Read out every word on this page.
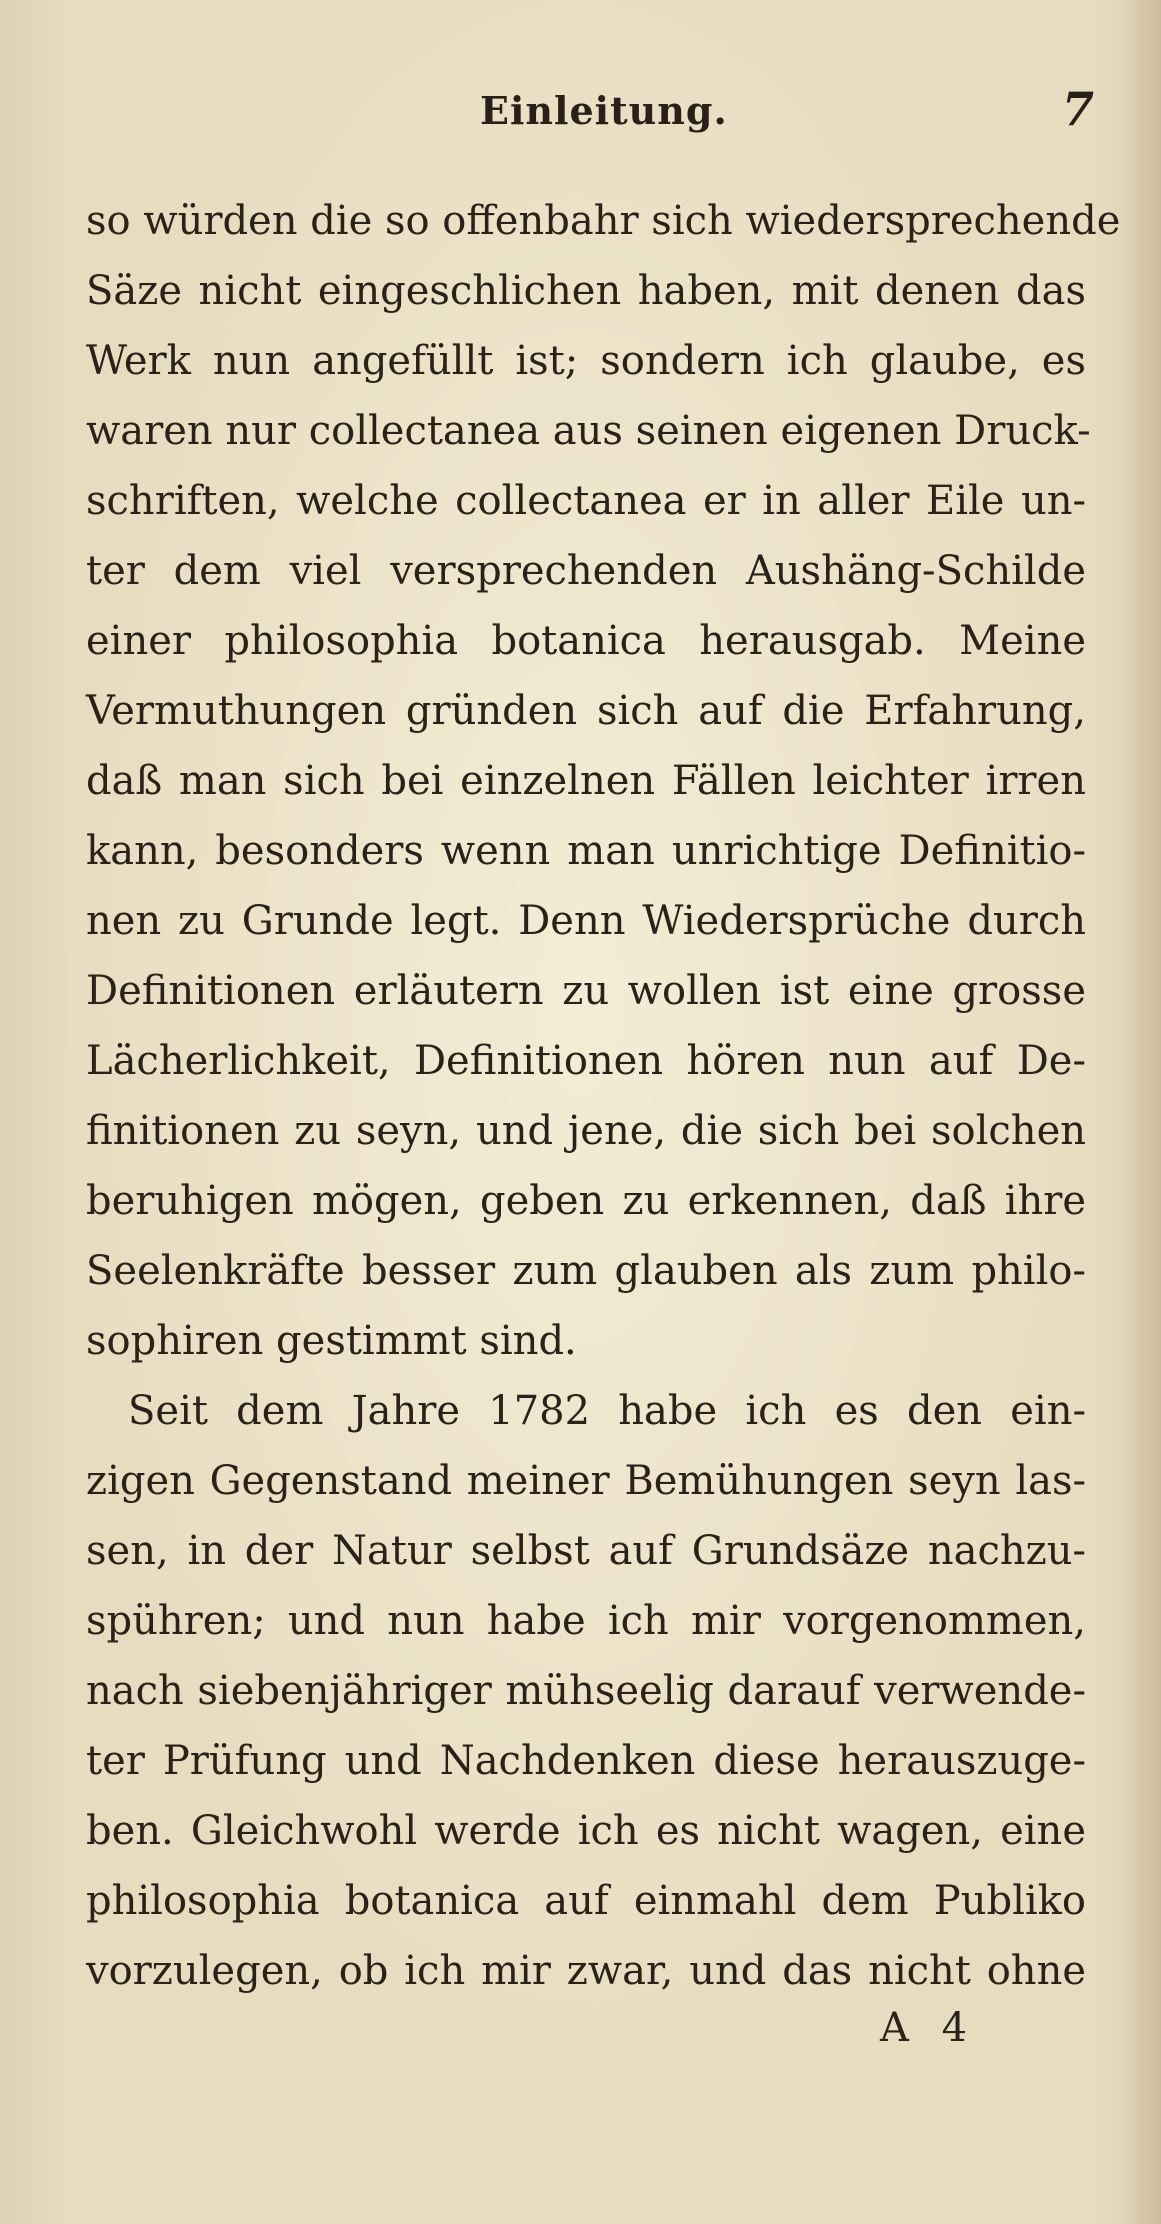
Einleitung.	7
so würden die so offenbahr sich wiedersprechende
Säze nicht eingeschlichen haben, mit denen das
Werk nun angefüllt ist; sondern ich glaube, es
waren nur collectanea aus seinen eigenen Druck-
schriften, welche collectanea er in aller Eile un-
ter dem viel versprechenden Aushäng-Schilde
einer philosophia botanica herausgab. Meine
Vermuthungen gründen sich auf die Erfahrung,
daß man sich bei einzelnen Fällen leichter irren
kann, besonders wenn man unrichtige Definitio-
nen zu Grunde legt. Denn Wiedersprüche durch
Definitionen erläutern zu wollen ist eine grosse
Lächerlichkeit, Definitionen hören nun auf De-
finitionen zu seyn, und jene, die sich bei solchen
beruhigen mögen, geben zu erkennen, daß ihre
Seelenkräfte besser zum glauben als zum philo-
sophiren gestimmt sind.
Seit dem Jahre 1782 habe ich es den ein-
zigen Gegenstand meiner Bemühungen seyn las-
sen, in der Natur selbst auf Grundsäze nachzu-
spühren; und nun habe ich mir vorgenommen,
nach siebenjähriger mühseelig darauf verwende-
ter Prüfung und Nachdenken diese herauszuge-
ben. Gleichwohl werde ich es nicht wagen, eine
philosophia botanica auf einmahl dem Publiko
vorzulegen, ob ich mir zwar, und das nicht ohne
A 4
